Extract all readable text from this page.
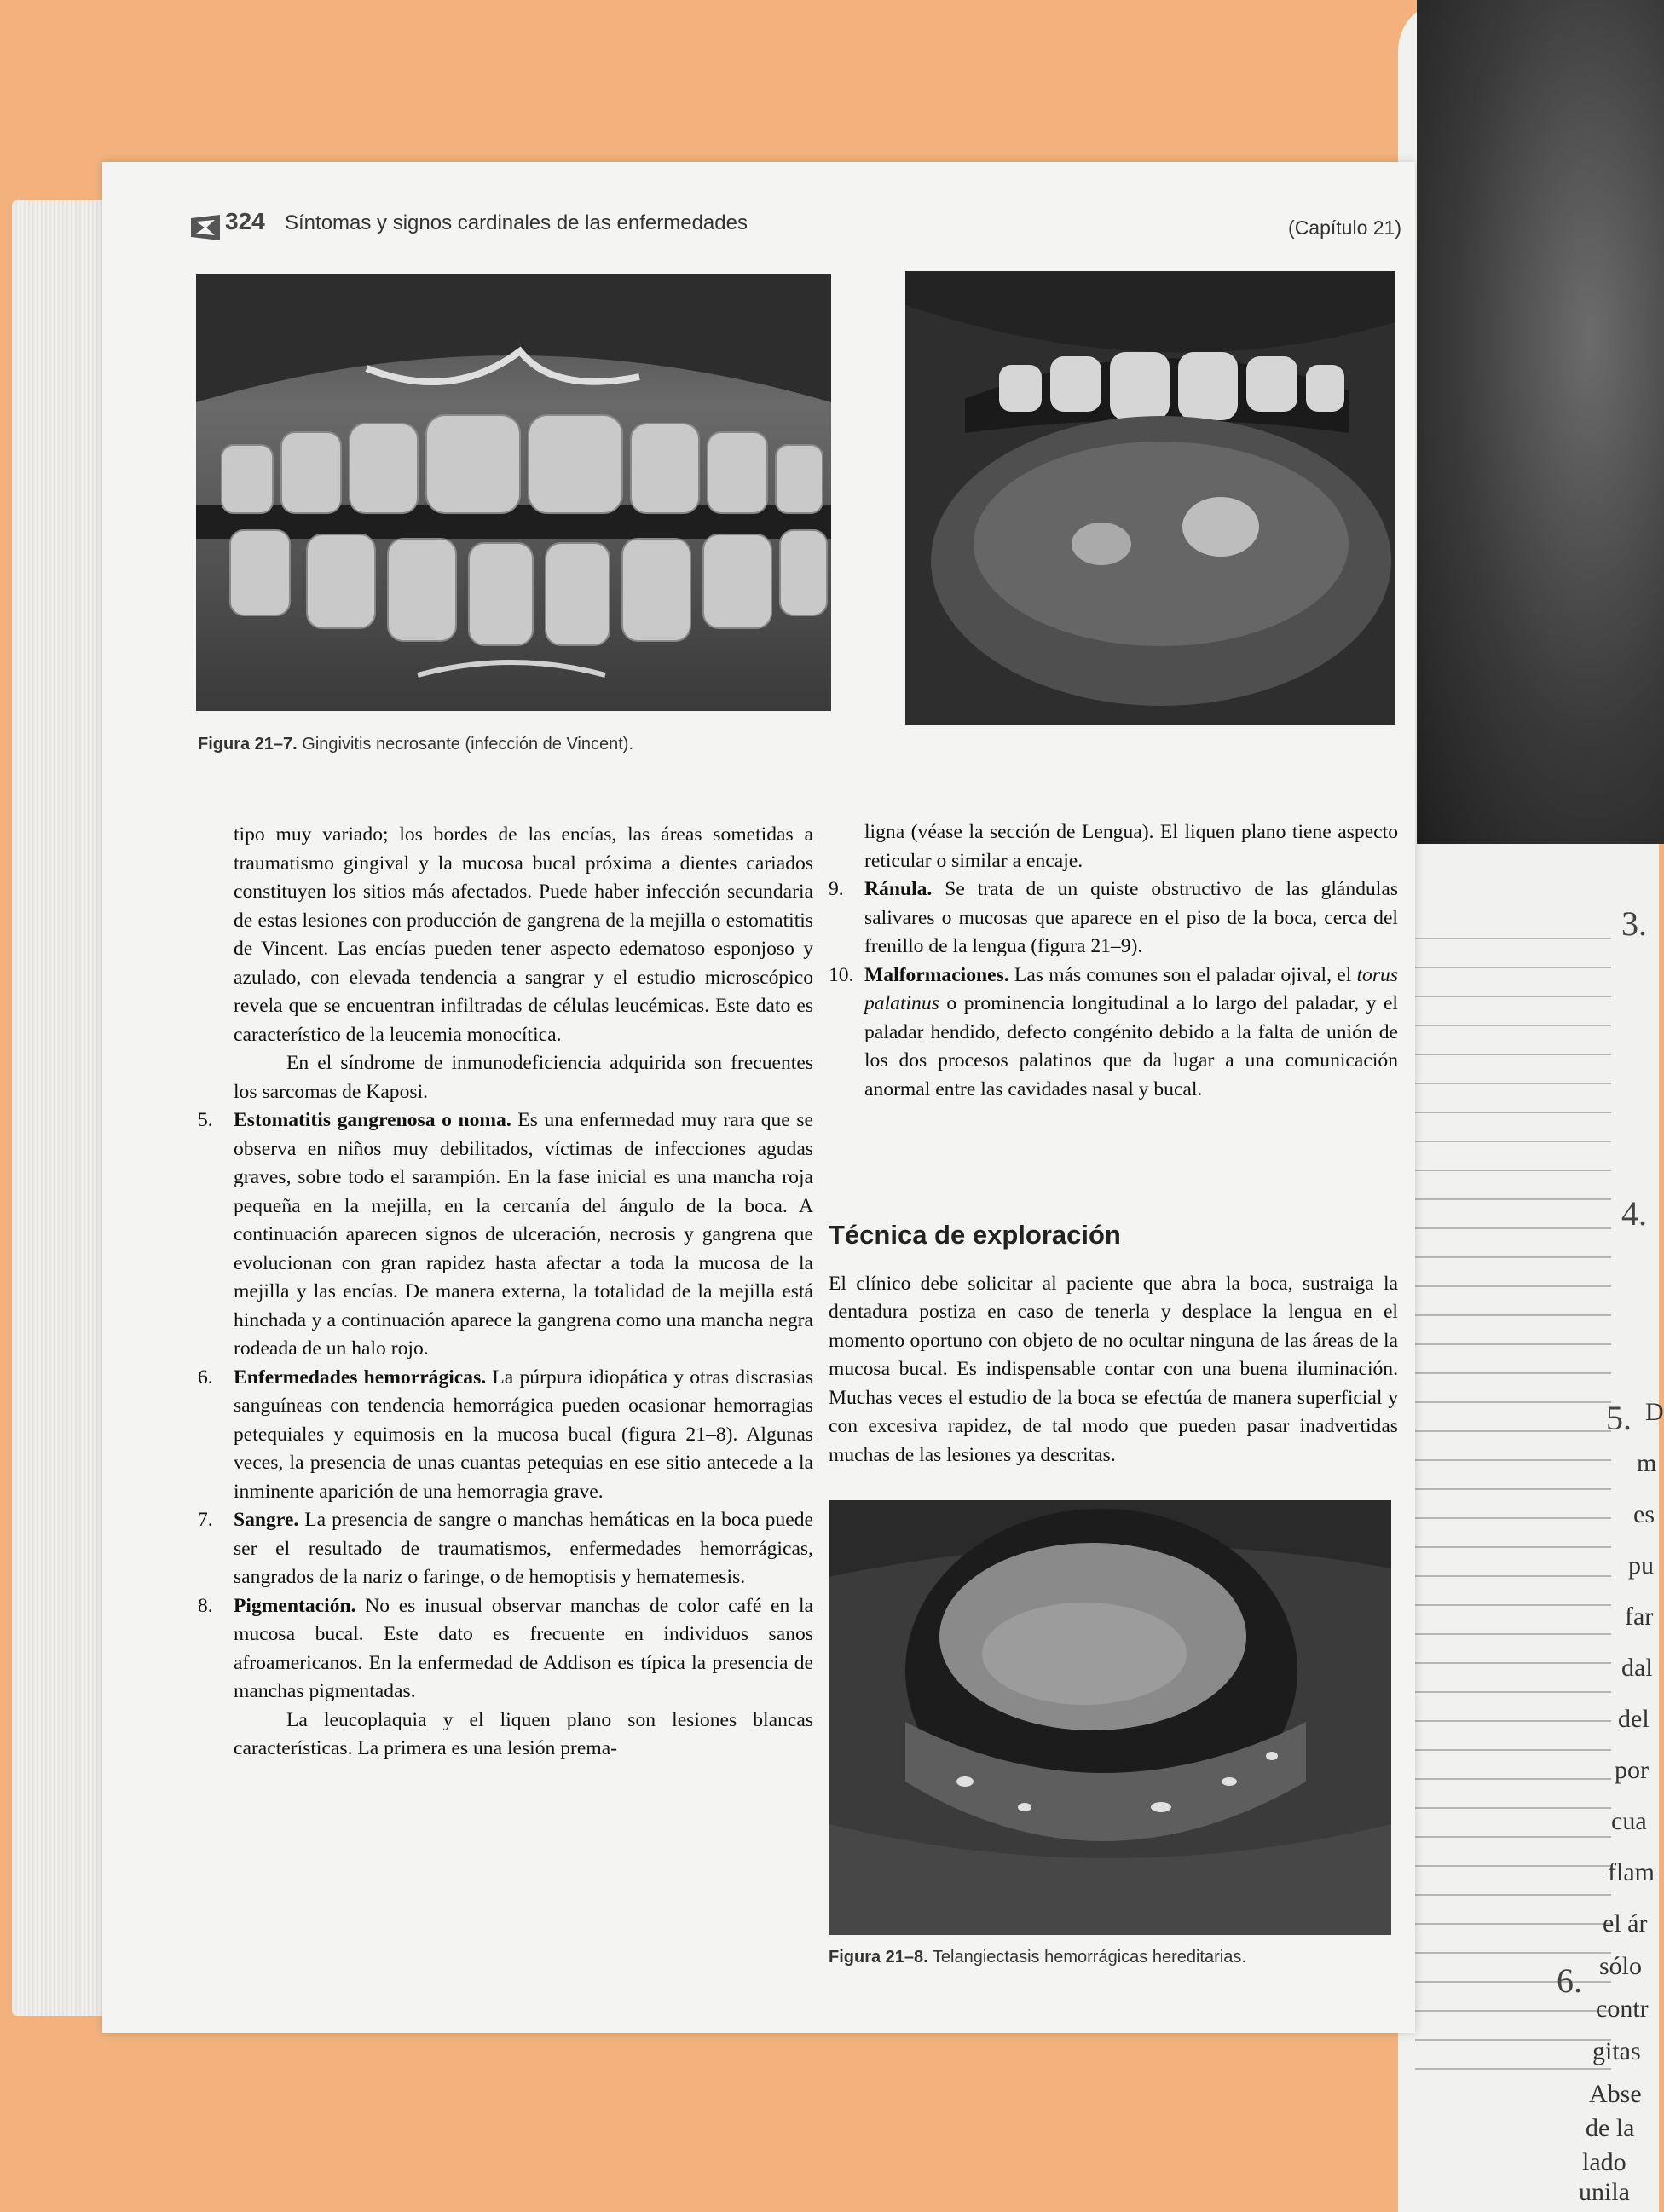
3.
4.
5.
6.
D
m
es
pu
far
dal
del
por
cua
flam
el ár
sólo
contr
gitas
Abse
de la
lado
unila
324 Síntomas y signos cardinales de las enfermedades	(Capítulo 21)
Figura 21–7. Gingivitis necrosante (infección de Vincent).

tipo muy variado; los bordes de las encías, las áreas sometidas a traumatismo gingival y la mucosa bucal próxima a dientes cariados constituyen los sitios más afectados. Puede haber infección secundaria de estas lesiones con producción de gangrena de la mejilla o estomatitis de Vincent. Las encías pueden tener aspecto edematoso esponjoso y azulado, con elevada tendencia a sangrar y el estudio microscópico revela que se encuentran infiltradas de células leucémicas. Este dato es característico de la leucemia monocítica.

En el síndrome de inmunodeficiencia adquirida son frecuentes los sarcomas de Kaposi.

5.	Estomatitis gangrenosa o noma. Es una enfermedad muy rara que se observa en niños muy debilitados, víctimas de infecciones agudas graves, sobre todo el sarampión. En la fase inicial es una mancha roja pequeña en la mejilla, en la cercanía del ángulo de la boca. A continuación aparecen signos de ulceración, necrosis y gangrena que evolucionan con gran rapidez hasta afectar a toda la mucosa de la mejilla y las encías. De manera externa, la totalidad de la mejilla está hinchada y a continuación aparece la gangrena como una mancha negra rodeada de un halo rojo.
6.	Enfermedades hemorrágicas. La púrpura idiopática y otras discrasias sanguíneas con tendencia hemorrágica pueden ocasionar hemorragias petequiales y equimosis en la mucosa bucal (figura 21–8). Algunas veces, la presencia de unas cuantas petequias en ese sitio antecede a la inminente aparición de una hemorragia grave.
7.	Sangre. La presencia de sangre o manchas hemáticas en la boca puede ser el resultado de traumatismos, enfermedades hemorrágicas, sangrados de la nariz o faringe, o de hemoptisis y hematemesis.
8.	Pigmentación. No es inusual observar manchas de color café en la mucosa bucal. Este dato es frecuente en individuos sanos afroamericanos. En la enfermedad de Addison es típica la presencia de manchas pigmentadas.

La leucoplaquia y el liquen plano son lesiones blancas características. La primera es una lesión prema-

ligna (véase la sección de Lengua). El liquen plano tiene aspecto reticular o similar a encaje.

9.	Ránula. Se trata de un quiste obstructivo de las glándulas salivares o mucosas que aparece en el piso de la boca, cerca del frenillo de la lengua (figura 21–9).
10. Malformaciones. Las más comunes son el paladar ojival, el torus palatinus o prominencia longitudinal a lo largo del paladar, y el paladar hendido, defecto congénito debido a la falta de unión de los dos procesos palatinos que da lugar a una comunicación anormal entre las cavidades nasal y bucal.
Técnica de exploración

El clínico debe solicitar al paciente que abra la boca, sustraiga la dentadura postiza en caso de tenerla y desplace la lengua en el momento oportuno con objeto de no ocultar ninguna de las áreas de la mucosa bucal. Es indispensable contar con una buena iluminación. Muchas veces el estudio de la boca se efectúa de manera superficial y con excesiva rapidez, de tal modo que pueden pasar inadvertidas muchas de las lesiones ya descritas.

Figura 21–8. Telangiectasis hemorrágicas hereditarias.
